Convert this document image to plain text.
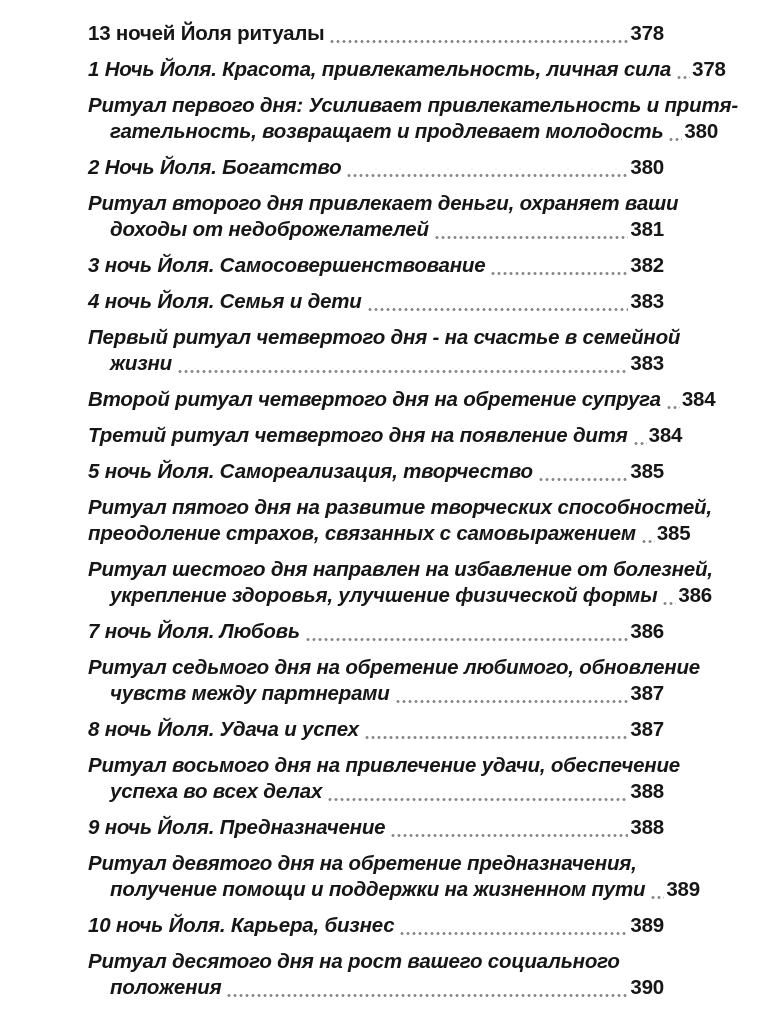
13 ночей Йоля ритуалы	378
1 Ночь Йоля. Красота, привлекательность, личная сила 378
Ритуал первого дня: Усиливает привлекательность и притя-
гательность, возвращает и продлевает молодость 380
2 Ночь Йоля. Богатство	380
Ритуал второго дня привлекает деньги, охраняет ваши
доходы от недоброжелателей	381
3 ночь Йоля. Самосовершенствование	382
4 ночь Йоля. Семья и дети	383
Первый ритуал четвертого дня - на счастье в семейной
жизни	383
Второй ритуал четвертого дня на обретение супруга 384
Третий ритуал четвертого дня на появление дитя 384
5 ночь Йоля. Самореализация, творчество	385
Ритуал пятого дня на развитие творческих способностей,
преодоление страхов, связанных с самовыражением 385
Ритуал шестого дня направлен на избавление от болезней,
укрепление здоровья, улучшение физической формы 386
7 ночь Йоля. Любовь	386
Ритуал седьмого дня на обретение любимого, обновление
чувств между партнерами	387
8 ночь Йоля. Удача и успех	387
Ритуал восьмого дня на привлечение удачи, обеспечение
успеха во всех делах	388
9 ночь Йоля. Предназначение	388
Ритуал девятого дня на обретение предназначения,
получение помощи и поддержки на жизненном пути 389
10 ночь Йоля. Карьера, бизнес	389
Ритуал десятого дня на рост вашего социального
положения	390
